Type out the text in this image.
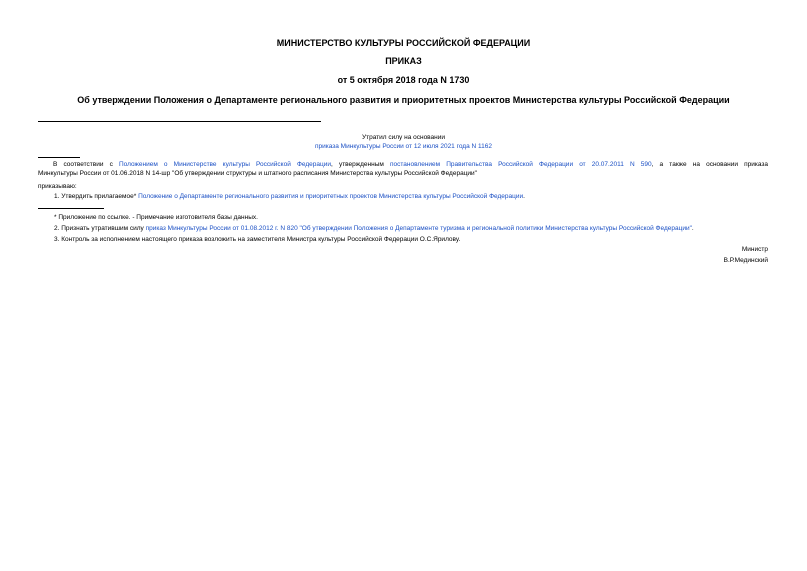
МИНИСТЕРСТВО КУЛЬТУРЫ РОССИЙСКОЙ ФЕДЕРАЦИИ
ПРИКАЗ
от 5 октября 2018 года N 1730
Об утверждении Положения о Департаменте регионального развития и приоритетных проектов Министерства культуры Российской Федерации
Утратил силу на основании
приказа Минкультуры России от 12 июля 2021 года N 1162
В соответствии с Положением о Министерстве культуры Российской Федерации, утвержденным постановлением Правительства Российской Федерации от 20.07.2011 N 590, а также на основании приказа
Минкультуры России от 01.06.2018 N 14-шр "Об утверждении структуры и штатного расписания Министерства культуры Российской Федерации"
приказываю:
1. Утвердить прилагаемое* Положение о Департаменте регионального развития и приоритетных проектов Министерства культуры Российской Федерации.
* Приложение по ссылке. - Примечание изготовителя базы данных.
2. Признать утратившим силу приказ Минкультуры России от 01.08.2012 г. N 820 "Об утверждении Положения о Департаменте туризма и региональной политики Министерства культуры Российской Федерации".
3. Контроль за исполнением настоящего приказа возложить на заместителя Министра культуры Российской Федерации О.С.Ярилову.
Министр
В.Р.Мединский
